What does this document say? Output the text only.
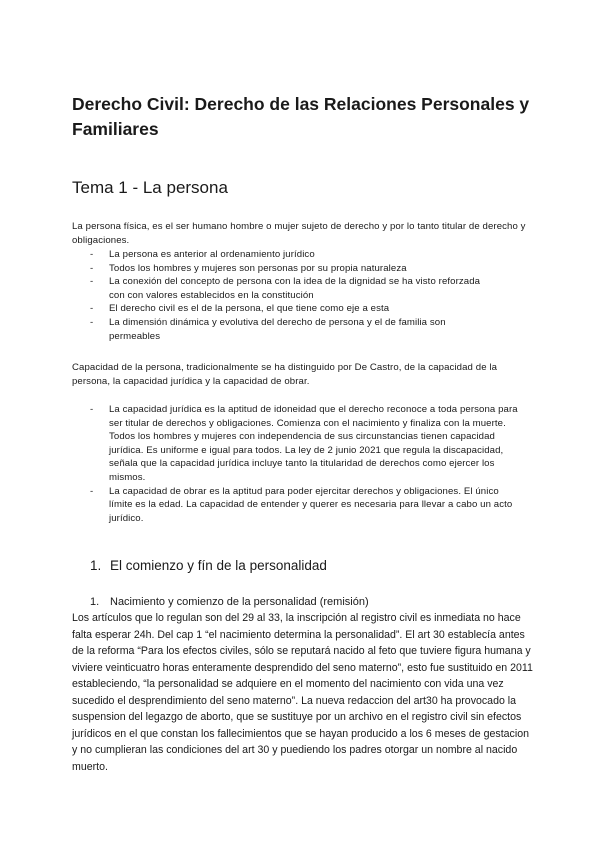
Derecho Civil: Derecho de las Relaciones Personales y Familiares
Tema 1 - La persona

La persona física, es el ser humano hombre o mujer sujeto de derecho y por lo tanto titular de derecho y obligaciones.

- La persona es anterior al ordenamiento jurídico
- Todos los hombres y mujeres son personas por su propia naturaleza
- La conexión del concepto de persona con la idea de la dignidad se ha visto reforzada con con valores establecidos en la constitución
- El derecho civil es el de la persona, el que tiene como eje a esta
- La dimensión dinámica y evolutiva del derecho de persona y el de familia son permeables

Capacidad de la persona, tradicionalmente se ha distinguido por De Castro, de la capacidad de la persona, la capacidad jurídica y la capacidad de obrar.

- La capacidad jurídica es la aptitud de idoneidad que el derecho reconoce a toda persona para ser titular de derechos y obligaciones. Comienza con el nacimiento y finaliza con la muerte. Todos los hombres y mujeres con independencia de sus circunstancias tienen capacidad jurídica. Es uniforme e igual para todos. La ley de 2 junio 2021 que regula la discapacidad, señala que la capacidad jurídica incluye tanto la titularidad de derechos como ejercer los mismos.
- La capacidad de obrar es la aptitud para poder ejercitar derechos y obligaciones. El único límite es la edad. La capacidad de entender y querer es necesaria para llevar a cabo un acto jurídico.
1. El comienzo y fín de la personalidad

1. Nacimiento y comienzo de la personalidad (remisión)

Los artículos que lo regulan son del 29 al 33, la inscripción al registro civil es inmediata no hace falta esperar 24h. Del cap 1 “el nacimiento determina la personalidad”. El art 30 establecía antes de la reforma “Para los efectos civiles, sólo se reputará nacido al feto que tuviere figura humana y viviere veinticuatro horas enteramente desprendido del seno materno”, esto fue sustituido en 2011 estableciendo, “la personalidad se adquiere en el momento del nacimiento con vida una vez sucedido el desprendimiento del seno materno”. La nueva redaccion del art30 ha provocado la suspension del legazgo de aborto, que se sustituye por un archivo en el registro civil sin efectos jurídicos en el que constan los fallecimientos que se hayan producido a los 6 meses de gestacion y no cumplieran las condiciones del art 30 y puediendo los padres otorgar un nombre al nacido muerto.
